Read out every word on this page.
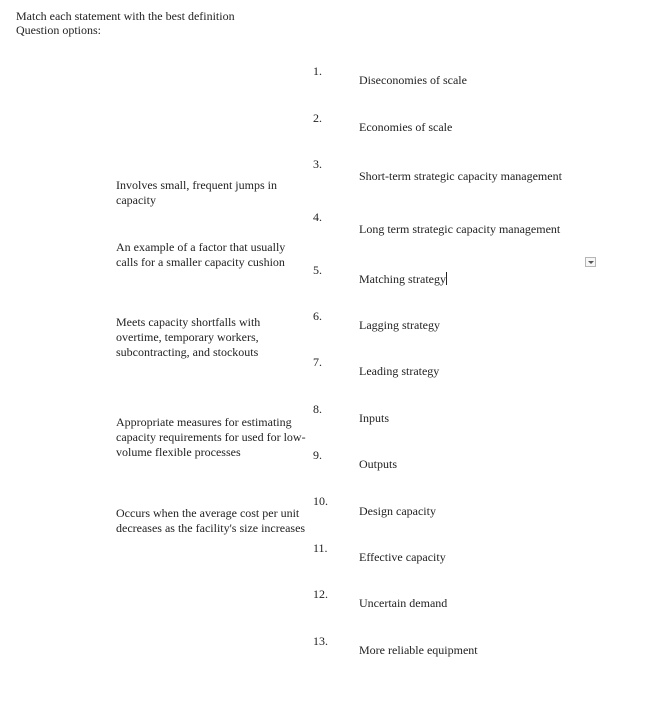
Match each statement with the best definition
Question options:
Involves small, frequent jumps in capacity
An example of a factor that usually calls for a smaller capacity cushion
Meets capacity shortfalls with overtime, temporary workers, subcontracting, and stockouts
Appropriate measures for estimating capacity requirements for used for low-volume flexible processes
Occurs when the average cost per unit decreases as the facility's size increases
1.
2.
3.
4.
5.
6.
7.
8.
9.
10.
11.
12.
13.
Diseconomies of scale
Economies of scale
Short-term strategic capacity management
Long term strategic capacity management
Matching strategy
Lagging strategy
Leading strategy
Inputs
Outputs
Design capacity
Effective capacity
Uncertain demand
More reliable equipment
